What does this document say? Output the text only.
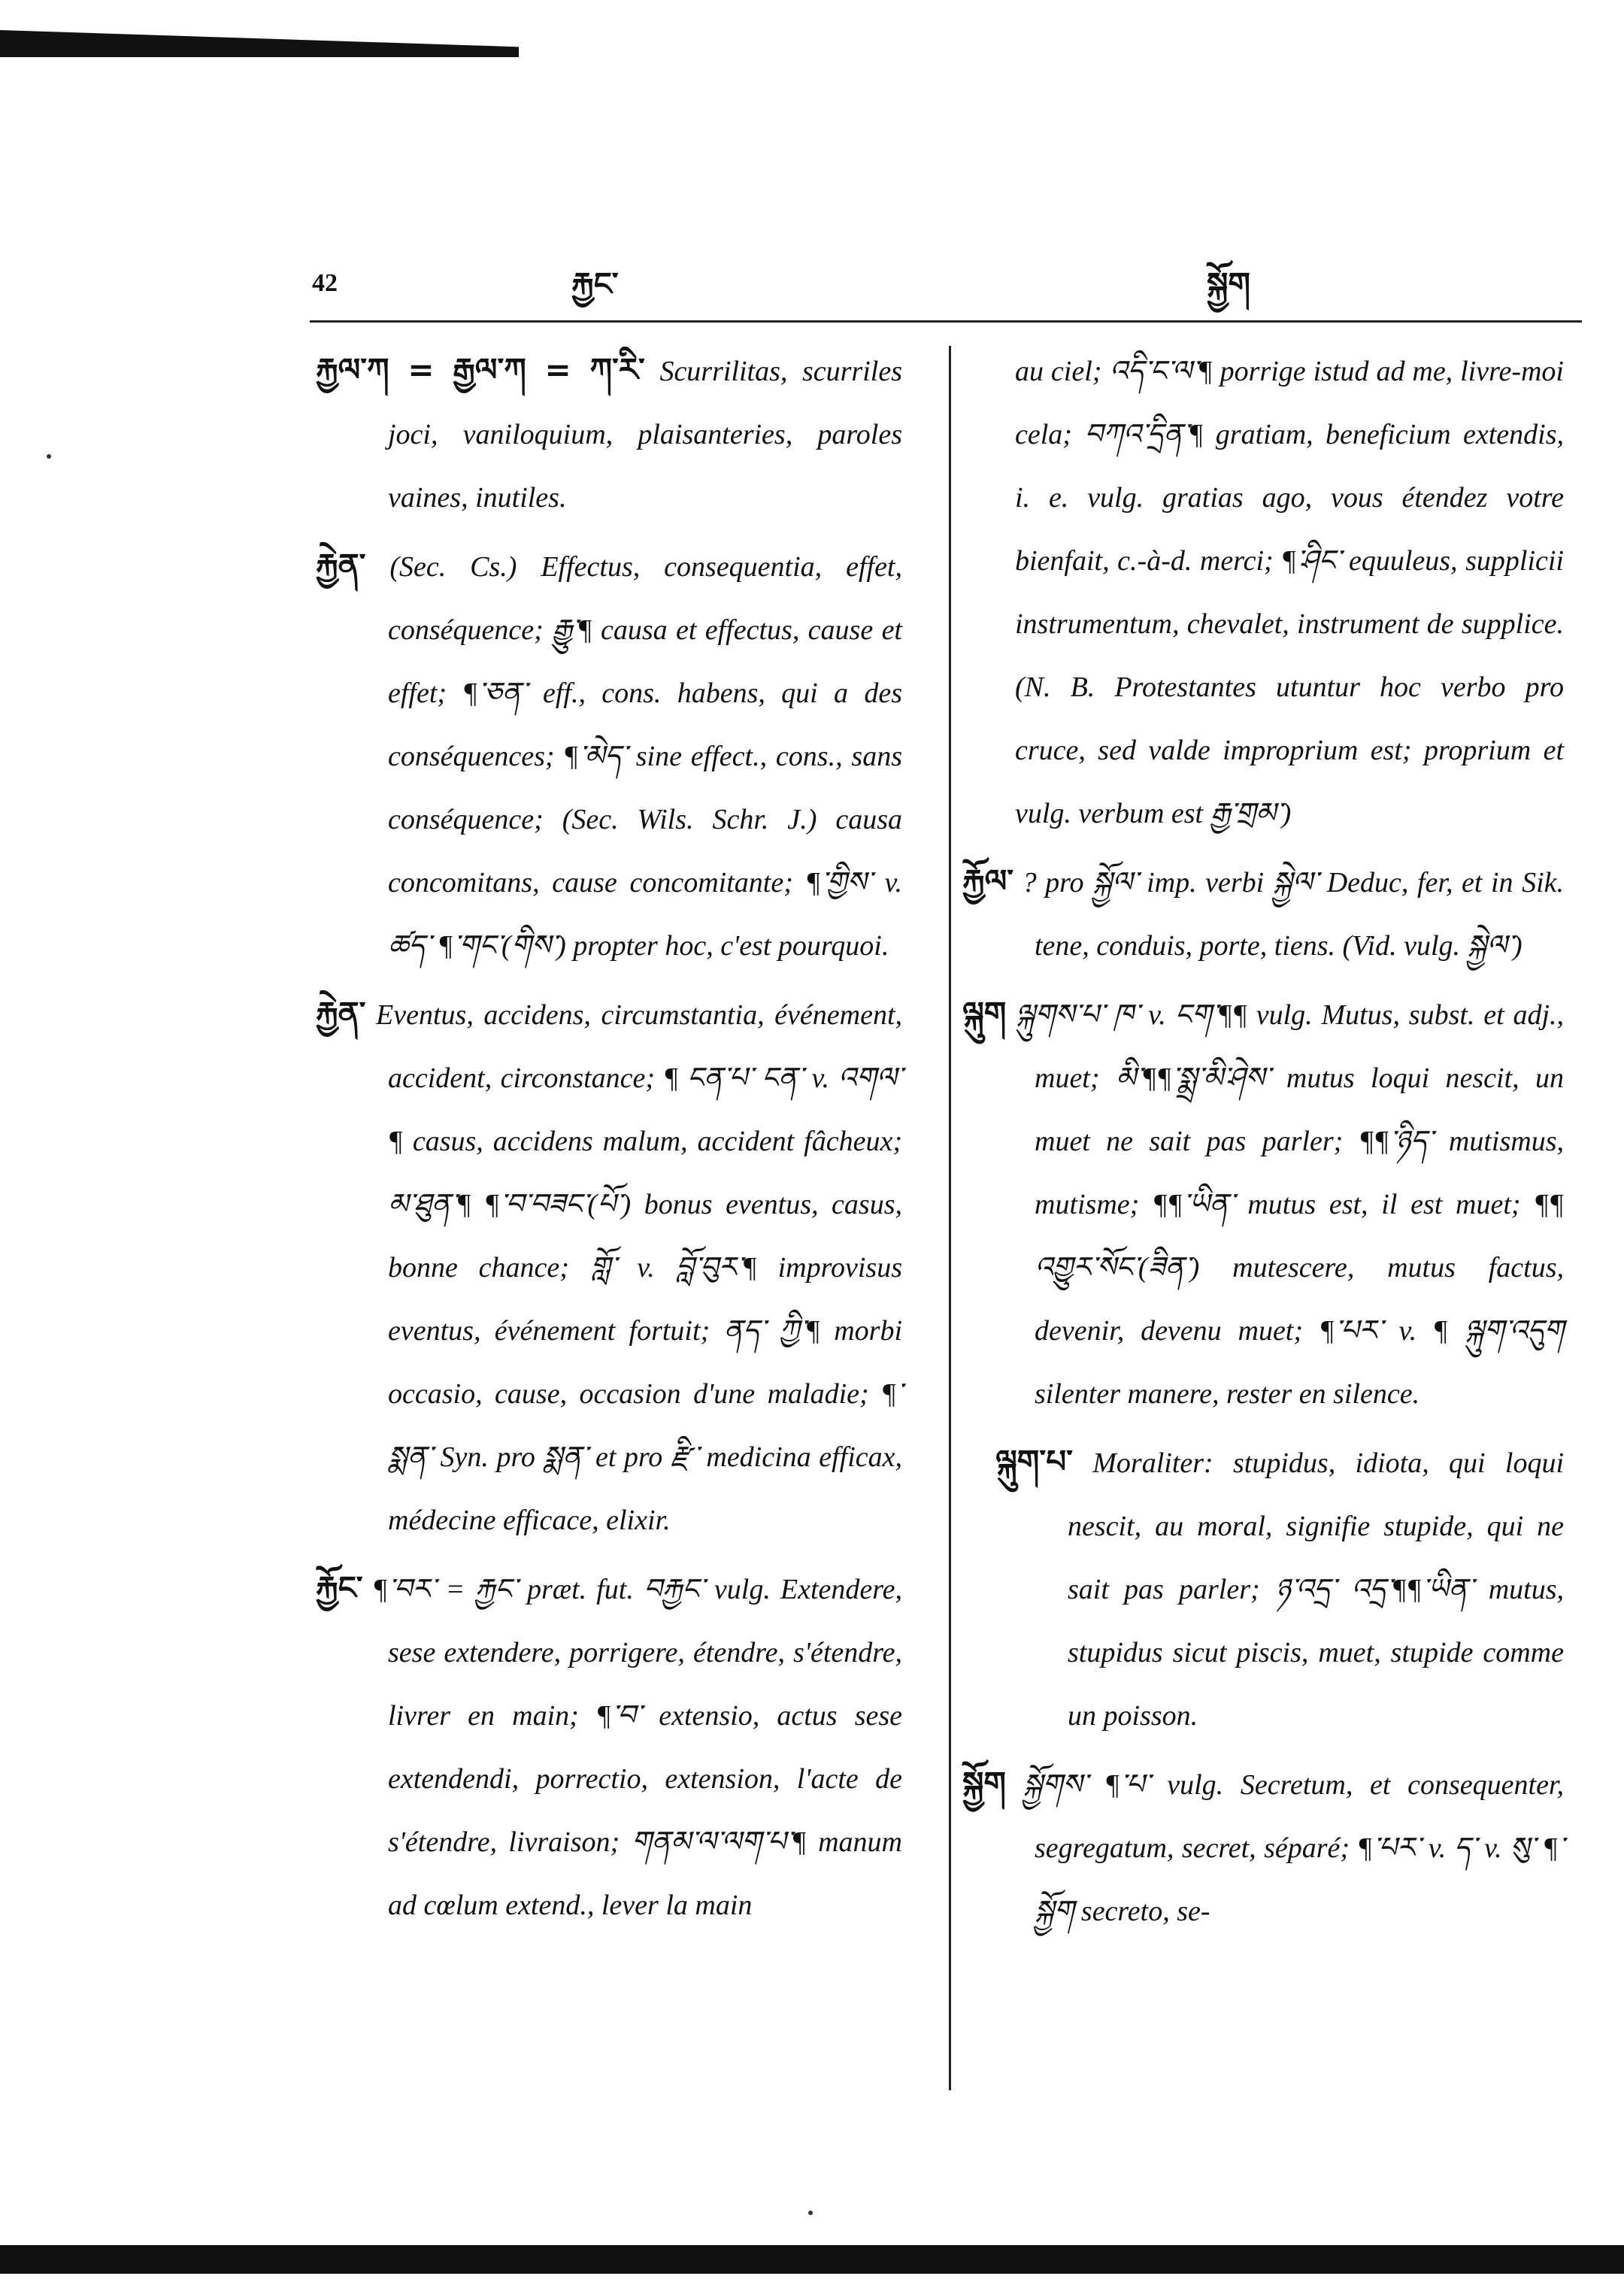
42	རྐྱང་	སྐྱོག

རྐྱལ་ཀ = རྒྱལ་ཀ = ཀ་རི་ Scurrilitas, scurriles joci, vaniloquium, plaisanteries, paroles vaines, inutiles.

རྐྱེན་ (Sec. Cs.) Effectus, consequentia, effet, conséquence; རྒྱུ་¶ causa et effectus, cause et effet; ¶་ཅན་ eff., cons. habens, qui a des conséquences; ¶་མེད་ sine effect., cons., sans conséquence; (Sec. Wils. Schr. J.) causa concomitans, cause concomitante; ¶་གྱིས་ v. ཚད་ ¶་གང་(གིས་) propter hoc, c'est pourquoi.

རྐྱེན་ Eventus, accidens, circumstantia, événement, accident, circonstance; ¶ ངན་པ་ ངན་ v. འགལ་¶ casus, accidens malum, accident fâcheux; མ་ཐུན་¶ ¶་བ་བཟང་(པོ་) bonus eventus, casus, bonne chance; གློ་ v. བློ་བུར་¶ improvisus eventus, événement fortuit; ནད་ ཀྱི་¶ morbi occasio, cause, occasion d'une maladie; ¶་སྨན་ Syn. pro སྨན་ et pro རྫི་ medicina efficax, médecine efficace, elixir.

རྐྱོང་ ¶་བར་ = རྐྱང་ præt. fut. བརྐྱང་ vulg. Extendere, sese extendere, porrigere, étendre, s'étendre, livrer en main; ¶་བ་ extensio, actus sese extendendi, porrectio, extension, l'acte de s'étendre, livraison; གནམ་ལ་ལག་པ་¶ manum ad cœlum extend., lever la main

au ciel; འདི་ང་ལ་¶ porrige istud ad me, livre-moi cela; བཀའ་དྲིན་¶ gratiam, beneficium extendis, i. e. vulg. gratias ago, vous étendez votre bienfait, c.-à-d. merci; ¶་ཤིང་ equuleus, supplicii instrumentum, chevalet, instrument de supplice. (N. B. Protestantes utuntur hoc verbo pro cruce, sed valde improprium est; proprium et vulg. verbum est རྒྱ་གྲམ་)

རྐྱོལ་ ? pro སྐྱོལ་ imp. verbi སྐྱེལ་ Deduc, fer, et in Sik. tene, conduis, porte, tiens. (Vid. vulg. སྐྱེལ་)

ལྐུག ལྐུགས་པ་ ཁ་ v. ངག་¶¶ vulg. Mutus, subst. et adj., muet; མི་¶¶་སྨྲ་མི་ཤེས་ mutus loqui nescit, un muet ne sait pas parler; ¶¶་ཉིད་ mutismus, mutisme; ¶¶་ཡིན་ mutus est, il est muet; ¶¶ འགྱུར་སོང་(ཟིན་) mutescere, mutus factus, devenir, devenu muet; ¶་པར་ v. ¶ ལྐུག་འདུག silenter manere, rester en silence.

ལྐུག་པ་ Moraliter: stupidus, idiota, qui loqui nescit, au moral, signifie stupide, qui ne sait pas parler; ཉ་འདྲ་ འདྲ་¶¶་ཡིན་ mutus, stupidus sicut piscis, muet, stupide comme un poisson.

སྐྱོག སྐྱོགས་ ¶་པ་ vulg. Secretum, et consequenter, segregatum, secret, séparé; ¶་པར་ v. ད་ v. སུ་ ¶་སྐྱོག secreto, se-
